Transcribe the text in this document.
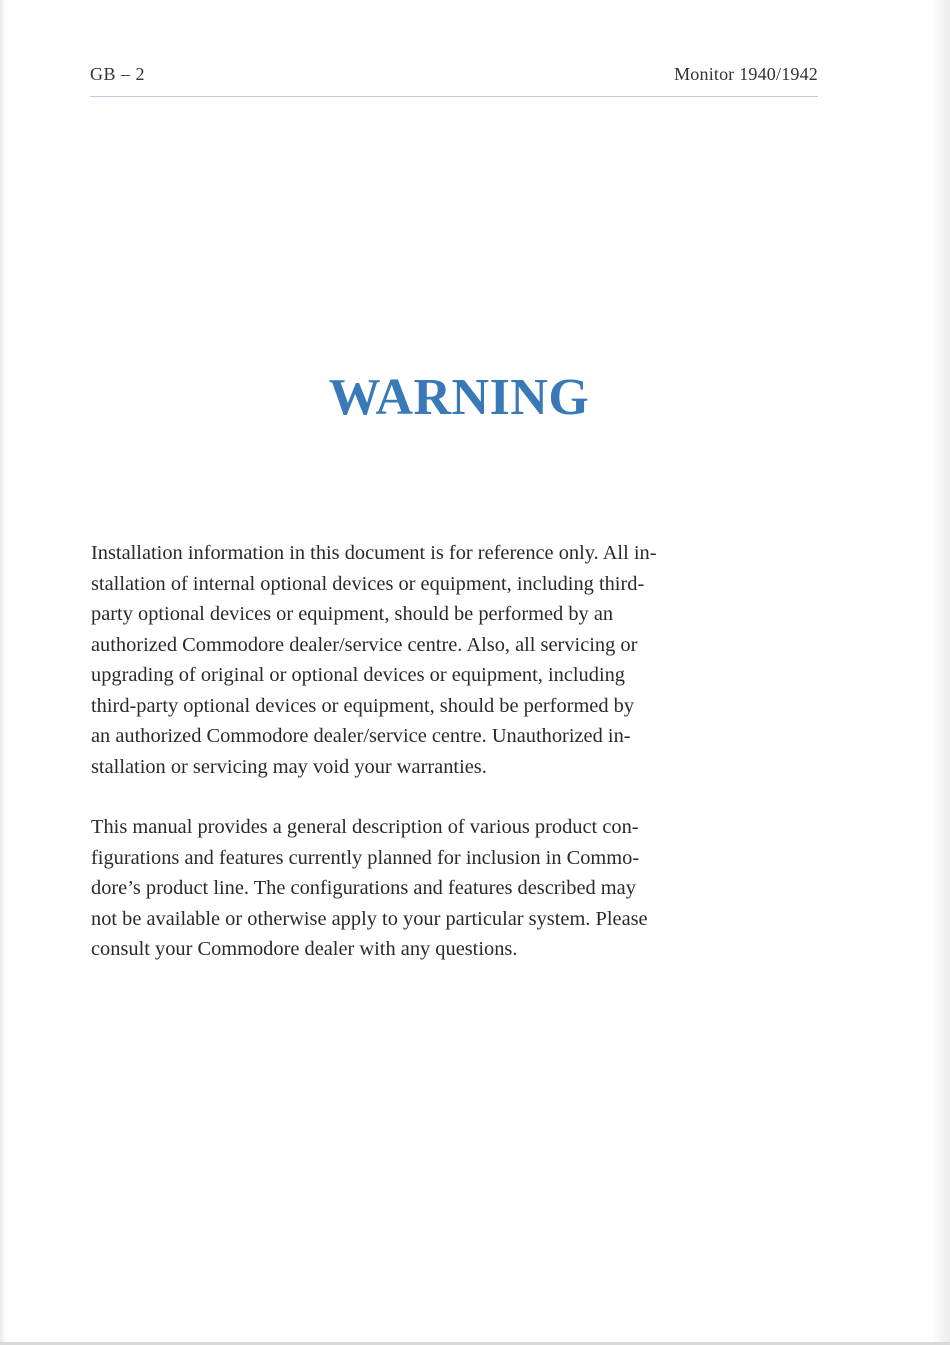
GB – 2	Monitor 1940/1942
WARNING

Installation information in this document is for reference only. All in-
stallation of internal optional devices or equipment, including third-
party optional devices or equipment, should be performed by an
authorized Commodore dealer/service centre. Also, all servicing or
upgrading of original or optional devices or equipment, including
third-party optional devices or equipment, should be performed by
an authorized Commodore dealer/service centre. Unauthorized in-
stallation or servicing may void your warranties.

This manual provides a general description of various product con-
figurations and features currently planned for inclusion in Commo-
dore’s product line. The configurations and features described may
not be available or otherwise apply to your particular system. Please
consult your Commodore dealer with any questions.
